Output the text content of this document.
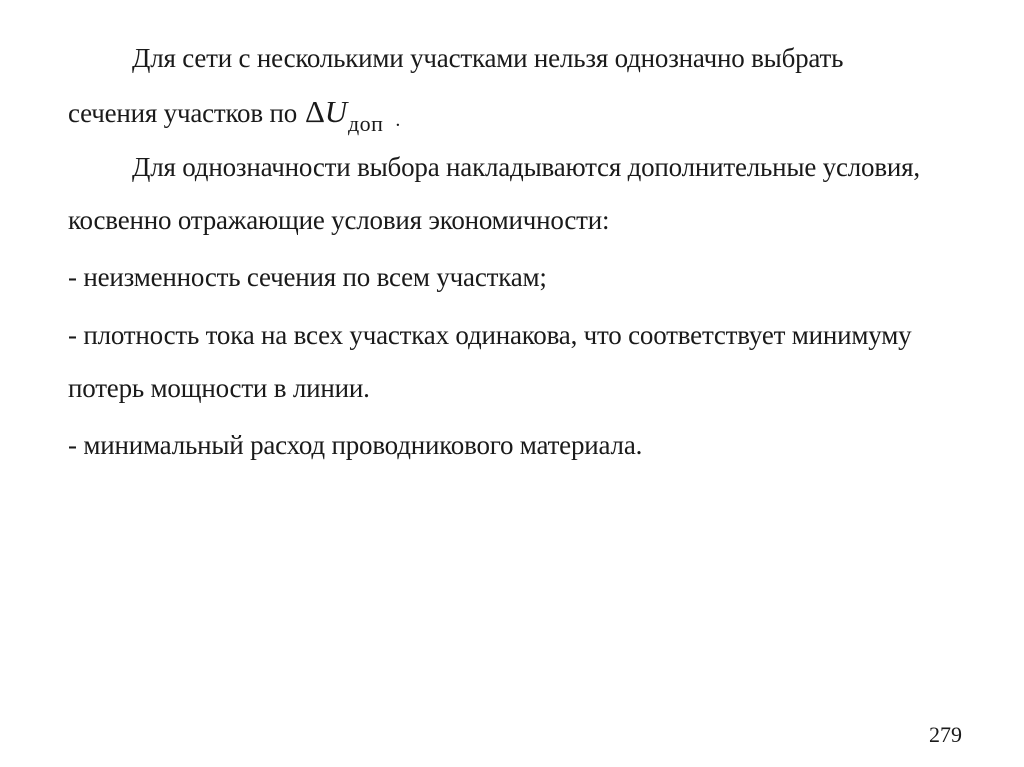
Для сети с несколькими участками нельзя однозначно выбрать
сечения участков по $\Delta U_{доп}$ .
Для однозначности выбора накладываются дополнительные условия,
косвенно отражающие условия экономичности:
- неизменность сечения по всем участкам;
- плотность тока на всех участках одинакова, что соответствует минимуму
потерь мощности в линии.
- минимальный расход проводникового материала.
279
